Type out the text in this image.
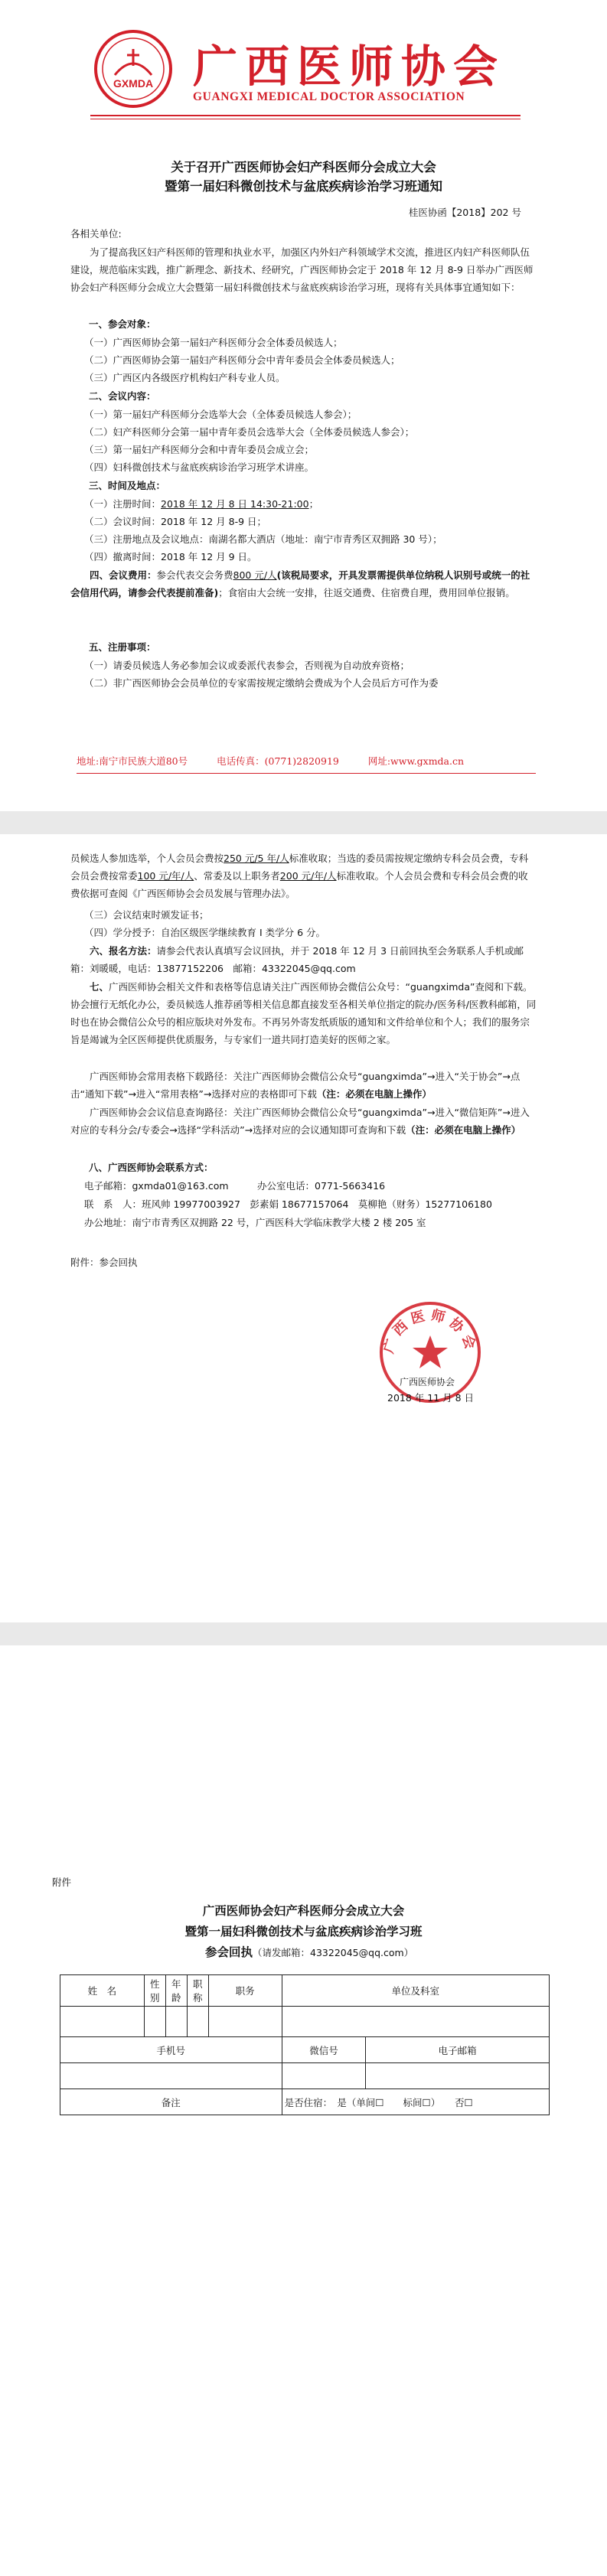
GXMDA 广西医师协会
GUANGXI MEDICAL DOCTOR ASSOCIATION
关于召开广西医师协会妇产科医师分会成立大会
暨第一届妇科微创技术与盆底疾病诊治学习班通知
桂医协函【2018】202 号
各相关单位:
为了提高我区妇产科医师的管理和执业水平，加强区内外妇产科领域学术交流，推进区内妇产科医师队伍建设，规范临床实践，推广新理念、新技术、经研究，广西医师协会定于 2018 年 12 月 8-9 日举办广西医师协会妇产科医师分会成立大会暨第一届妇科微创技术与盆底疾病诊治学习班，现将有关具体事宜通知如下：
一、参会对象：
（一）广西医师协会第一届妇产科医师分会全体委员候选人；
（二）广西医师协会第一届妇产科医师分会中青年委员会全体委员候选人；
（三）广西区内各级医疗机构妇产科专业人员。
二、会议内容：
（一）第一届妇产科医师分会选举大会（全体委员候选人参会）；
（二）妇产科医师分会第一届中青年委员会选举大会（全体委员候选人参会）；
（三）第一届妇产科医师分会和中青年委员会成立会；
（四）妇科微创技术与盆底疾病诊治学习班学术讲座。
三、时间及地点：
（一）注册时间：2018 年 12 月 8 日 14:30-21:00；
（二）会议时间：2018 年 12 月 8-9 日；
（三）注册地点及会议地点：南湖名都大酒店（地址：南宁市青秀区双拥路 30 号）；
（四）撤离时间：2018 年 12 月 9 日。
四、会议费用：参会代表交会务费800 元/人(该税局要求，开具发票需提供单位纳税人识别号或统一的社会信用代码，请参会代表提前准备)；食宿由大会统一安排，往返交通费、住宿费自理，费用回单位报销。
五、注册事项：
（一）请委员候选人务必参加会议或委派代表参会，否则视为自动放弃资格；
（二）非广西医师协会会员单位的专家需按规定缴纳会费成为个人会员后方可作为委
地址:南宁市民族大道80号	电话传真：(0771)2820919	网址:www.gxmda.cn
员候选人参加选举，个人会员会费按250 元/5 年/人标准收取；当选的委员需按规定缴纳专科会员会费，专科会员会费按常委100 元/年/人、常委及以上职务者200 元/年/人标准收取。个人会员会费和专科会员会费的收费依据可查阅《广西医师协会会员发展与管理办法》。
（三）会议结束时颁发证书；
（四）学分授予：自治区级医学继续教育 I 类学分 6 分。
六、报名方法：请参会代表认真填写会议回执，并于 2018 年 12 月 3 日前回执至会务联系人手机或邮箱：刘暖暖，电话：13877152206　邮箱：43322045@qq.com
七、广西医师协会相关文件和表格等信息请关注广西医师协会微信公众号：“guangximda”查阅和下载。协会擅行无纸化办公，委员候选人推荐函等相关信息都直接发至各相关单位指定的院办/医务科/医教科邮箱，同时也在协会微信公众号的相应版块对外发布。不再另外寄发纸质版的通知和文件给单位和个人；我们的服务宗旨是竭诚为全区医师提供优质服务，与专家们一道共同打造美好的医师之家。
广西医师协会常用表格下载路径：关注广西医师协会微信公众号“guangximda”→进入“关于协会”→点击“通知下载”→进入“常用表格”→选择对应的表格即可下载（注：必须在电脑上操作）
广西医师协会会议信息查询路径：关注广西医师协会微信公众号“guangximda”→进入“微信矩阵”→进入对应的专科分会/专委会→选择“学科活动”→选择对应的会议通知即可查询和下载（注：必须在电脑上操作）
八、广西医师协会联系方式：
电子邮箱：gxmda01@163.com　　　办公室电话：0771-5663416
联　系　人：班风帅 19977003927　彭素娟 18677157064　莫柳艳（财务）15277106180
办公地址：南宁市青秀区双拥路 22 号，广西医科大学临床教学大楼 2 楼 205 室
附件：参会回执
广西医师协会
广西医师协会
2018 年 11 月 8 日
附件
广西医师协会妇产科医师分会成立大会
暨第一届妇科微创技术与盆底疾病诊治学习班
参会回执（请发邮箱：43322045@qq.com）
姓　名	性别	年龄	职称	职务	单位及科室	

手机号					微信号	电子邮箱

备注					是否住宿：　是（单间☐　　标间☐）　　否☐	
